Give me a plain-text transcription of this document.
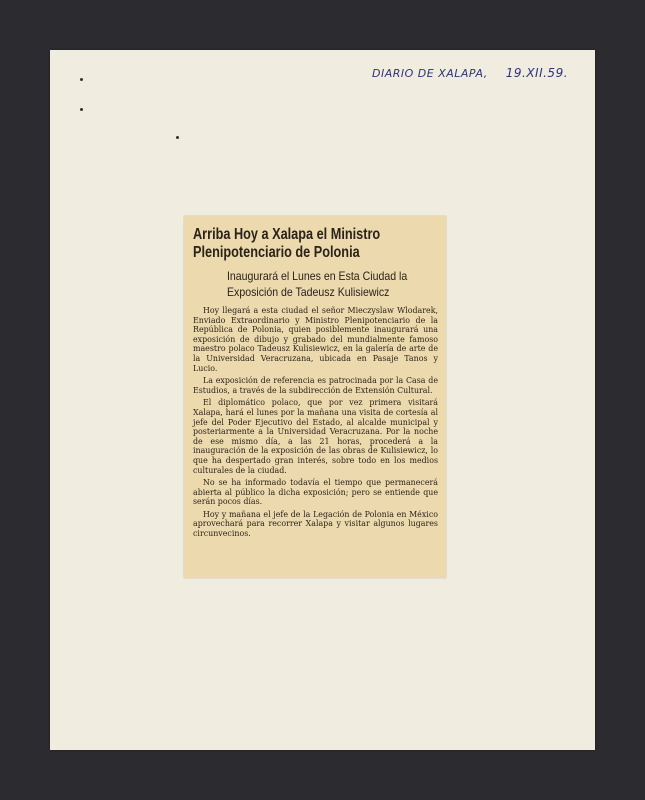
DIARIO DE XALAPA, 19.XII.59.
Arriba Hoy a Xalapa el Ministro
Plenipotenciario de Polonia
Inaugurará el Lunes en Esta Ciudad la
Exposición de Tadeusz Kulisiewicz

Hoy llegará a esta ciudad el señor Mieczyslaw Wlodarek, Enviado Extraordinario y Ministro Plenipotenciario de la República de Polonia, quien posiblemente inaugurará una exposición de dibujo y grabado del mundialmente famoso maestro polaco Tadeusz Kulisiewicz, en la galería de arte de la Universidad Veracruzana, ubicada en Pasaje Tanos y Lucio.

La exposición de referencia es patrocinada por la Casa de Estudios, a través de la subdirección de Extensión Cultural.

El diplomático polaco, que por vez primera visitará Xalapa, hará el lunes por la mañana una visita de cortesía al jefe del Poder Ejecutivo del Estado, al alcalde municipal y posteriarmente a la Universidad Veracruzana. Por la noche de ese mismo día, a las 21 horas, procederá a la inauguración de la exposición de las obras de Kulisiewicz, lo que ha despertado gran interés, sobre todo en los medios culturales de la ciudad.

No se ha informado todavía el tiempo que permanecerá abierta al público la dicha exposición; pero se entiende que serán pocos días.

Hoy y mañana el jefe de la Legación de Polonia en México aprovechará para recorrer Xalapa y visitar algunos lugares circunvecinos.
